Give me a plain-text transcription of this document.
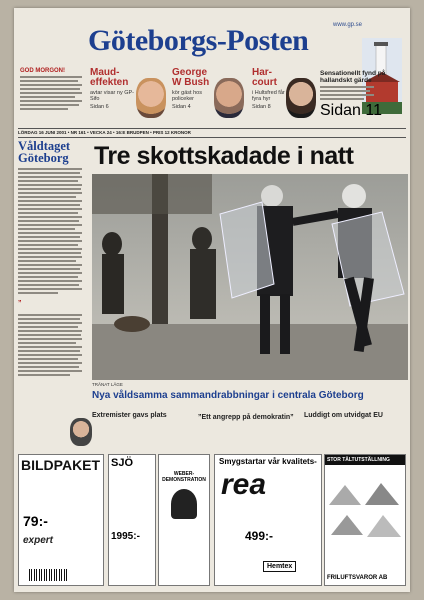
Göteborgs-Posten	www.gp.se
GOD MORGON!	Maud-effekten
avtar visar ny GP-Sifo
Sidan 6
George W Bush
kör gäst hos policeker
Sidan 4
Har-court
i Hultsfred får fyra hyr
Sidan 8
Sensationellt fynd på hallandskt gärde
Sidan 11
LÖRDAG 16 JUNI 2001 • NR 161 • VECKA 24 • 16:E BRUDPEN • PRIS 12 KRONOR
Våldtaget Göteborg
”
Tre skottskadade i natt
TRÄNAT LÄGE
Nya våldsamma sammandrabbningar i centrala Göteborg
Extremister gavs plats	”Ett angrepp på demokratin” Luddigt om utvidgat EU
BILDPAKET
79:-
expert
SJÖ
1995:-
WEBER-DEMONSTRATION
Smygstartar vår kvalitets-
rea
499:-
Hemtex
STOR TÄLTUTSTÄLLNING
FRILUFTSVAROR AB
